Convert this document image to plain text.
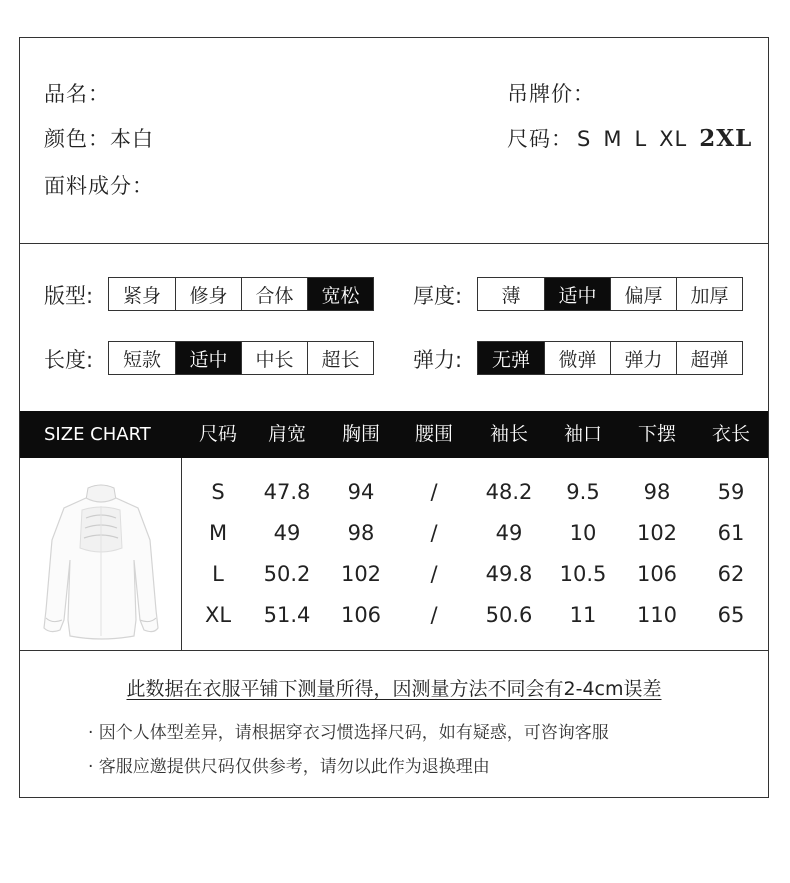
品名：
颜色：本白
面料成分：
吊牌价：
尺码： S M L XL 2XL
版型:	紧身	修身	合体	宽松	厚度:	薄	适中	偏厚	加厚
长度:	短款	适中	中长	超长	弹力:	无弹	微弹	弹力	超弹
SIZE CHART	尺码	肩宽	胸围	腰围	袖长	袖口	下摆	衣长
S	47.8	94	/	48.2	9.5	98	59
M	49	98	/	49	10	102	61
L	50.2	102	/	49.8	10.5	106	62
XL	51.4	106	/	50.6	11	110	65
此数据在衣服平铺下测量所得，因测量方法不同会有2-4cm误差
· 因个人体型差异，请根据穿衣习惯选择尺码，如有疑惑，可咨询客服
· 客服应邀提供尺码仅供参考，请勿以此作为退换理由
